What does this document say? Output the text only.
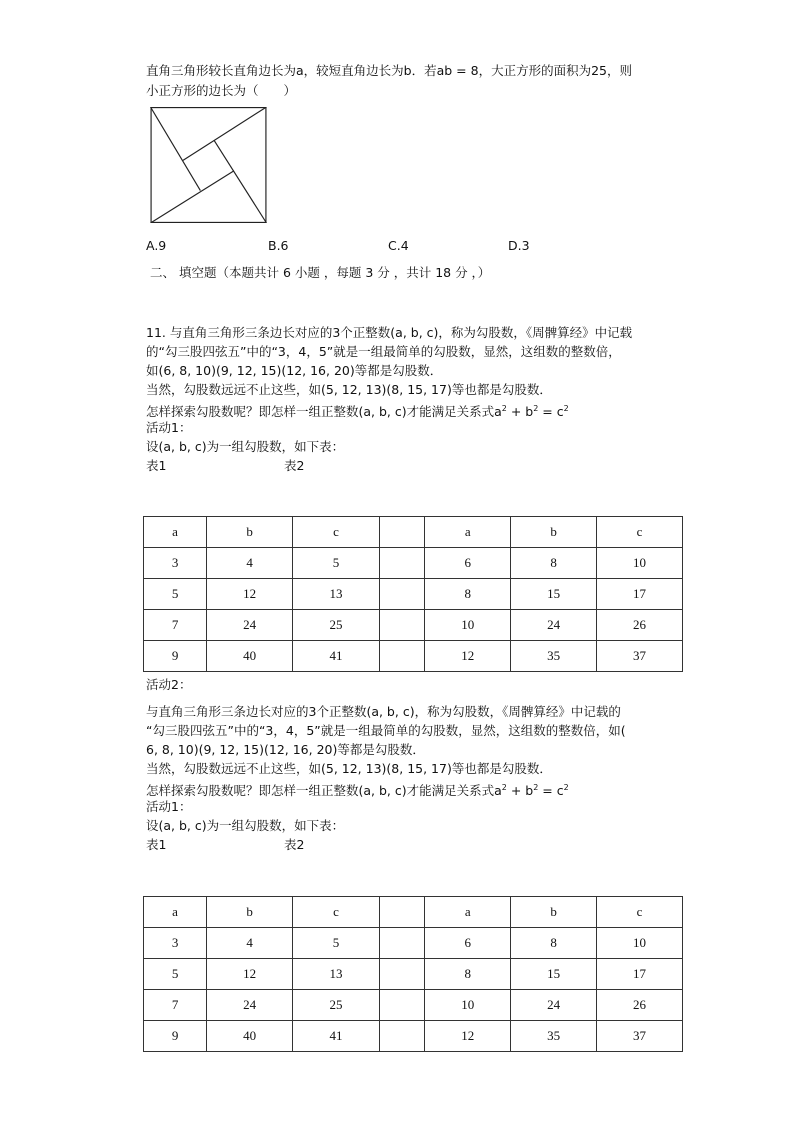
直角三角形较长直角边长为a，较短直角边长为b．若ab = 8，大正方形的面积为25，则
小正方形的边长为（　　）
A.9	B.6	C.4	D.3
二、 填空题（本题共计 6 小题 ，每题 3 分 ，共计 18 分 ，）
11. 与直角三角形三条边长对应的3个正整数(a, b, c)，称为勾股数，《周髀算经》中记载
的“勾三股四弦五”中的“3，4，5”就是一组最简单的勾股数，显然，这组数的整数倍，
如(6, 8, 10)(9, 12, 15)(12, 16, 20)等都是勾股数．
当然，勾股数远远不止这些，如(5, 12, 13)(8, 15, 17)等也都是勾股数．
怎样探索勾股数呢？即怎样一组正整数(a, b, c)才能满足关系式$a^2 + b^2 = c^2$
活动1：
设(a, b, c)为一组勾股数，如下表：
表1	表2
a	b	c		a	b	c
3	4	5		6	8	10
5	12	13		8	15	17
7	24	25		10	24	26
9	40	41		12	35	37
活动2：
与直角三角形三条边长对应的3个正整数(a, b, c)，称为勾股数，《周髀算经》中记载的
“勾三股四弦五”中的“3，4，5”就是一组最简单的勾股数，显然，这组数的整数倍，如(
6, 8, 10)(9, 12, 15)(12, 16, 20)等都是勾股数．
当然，勾股数远远不止这些，如(5, 12, 13)(8, 15, 17)等也都是勾股数．
怎样探索勾股数呢？即怎样一组正整数(a, b, c)才能满足关系式$a^2 + b^2 = c^2$
活动1：
设(a, b, c)为一组勾股数，如下表：
表1	表2
a	b	c		a	b	c
3	4	5		6	8	10
5	12	13		8	15	17
7	24	25		10	24	26
9	40	41		12	35	37
